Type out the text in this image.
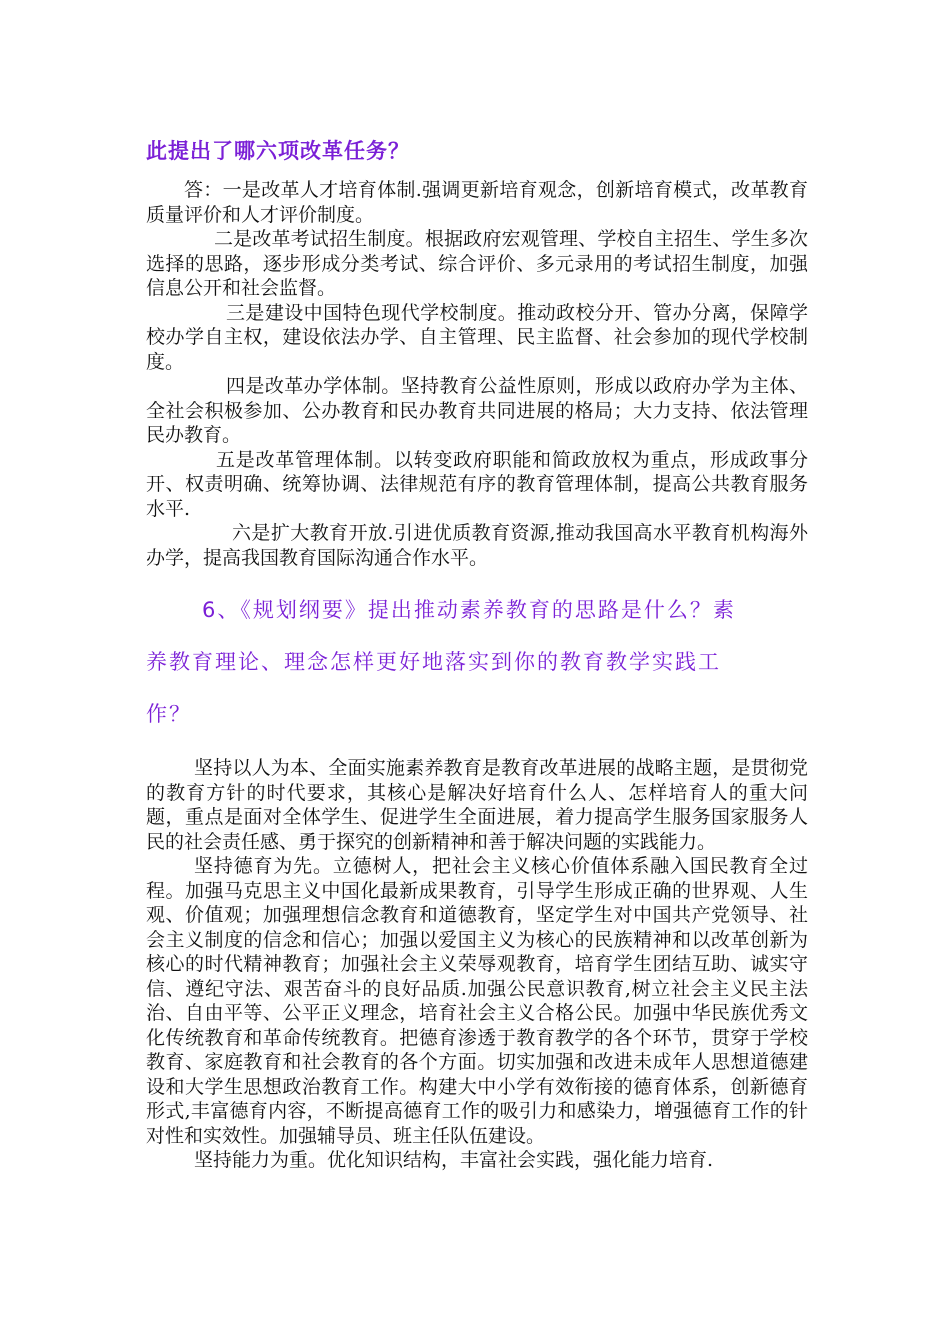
此提出了哪六项改革任务？

答：一是改革人才培育体制.强调更新培育观念，创新培育模式，改革教育质量评价和人才评价制度。

二是改革考试招生制度。根据政府宏观管理、学校自主招生、学生多次选择的思路，逐步形成分类考试、综合评价、多元录用的考试招生制度，加强信息公开和社会监督。

三是建设中国特色现代学校制度。推动政校分开、管办分离，保障学校办学自主权，建设依法办学、自主管理、民主监督、社会参加的现代学校制度。

四是改革办学体制。坚持教育公益性原则，形成以政府办学为主体、全社会积极参加、公办教育和民办教育共同进展的格局；大力支持、依法管理民办教育。

五是改革管理体制。以转变政府职能和简政放权为重点，形成政事分开、权责明确、统筹协调、法律规范有序的教育管理体制，提高公共教育服务水平.

六是扩大教育开放.引进优质教育资源,推动我国高水平教育机构海外办学，提高我国教育国际沟通合作水平。

6、《规划纲要》提出推动素养教育的思路是什么？素
养教育理论、理念怎样更好地落实到你的教育教学实践工
作？

坚持以人为本、全面实施素养教育是教育改革进展的战略主题，是贯彻党的教育方针的时代要求，其核心是解决好培育什么人、怎样培育人的重大问题，重点是面对全体学生、促进学生全面进展，着力提高学生服务国家服务人民的社会责任感、勇于探究的创新精神和善于解决问题的实践能力。

坚持德育为先。立德树人，把社会主义核心价值体系融入国民教育全过程。加强马克思主义中国化最新成果教育，引导学生形成正确的世界观、人生观、价值观；加强理想信念教育和道德教育，坚定学生对中国共产党领导、社会主义制度的信念和信心；加强以爱国主义为核心的民族精神和以改革创新为核心的时代精神教育；加强社会主义荣辱观教育，培育学生团结互助、诚实守信、遵纪守法、艰苦奋斗的良好品质.加强公民意识教育,树立社会主义民主法治、自由平等、公平正义理念，培育社会主义合格公民。加强中华民族优秀文化传统教育和革命传统教育。把德育渗透于教育教学的各个环节，贯穿于学校教育、家庭教育和社会教育的各个方面。切实加强和改进未成年人思想道德建设和大学生思想政治教育工作。构建大中小学有效衔接的德育体系，创新德育形式,丰富德育内容，不断提高德育工作的吸引力和感染力，增强德育工作的针对性和实效性。加强辅导员、班主任队伍建设。

坚持能力为重。优化知识结构，丰富社会实践，强化能力培育.
